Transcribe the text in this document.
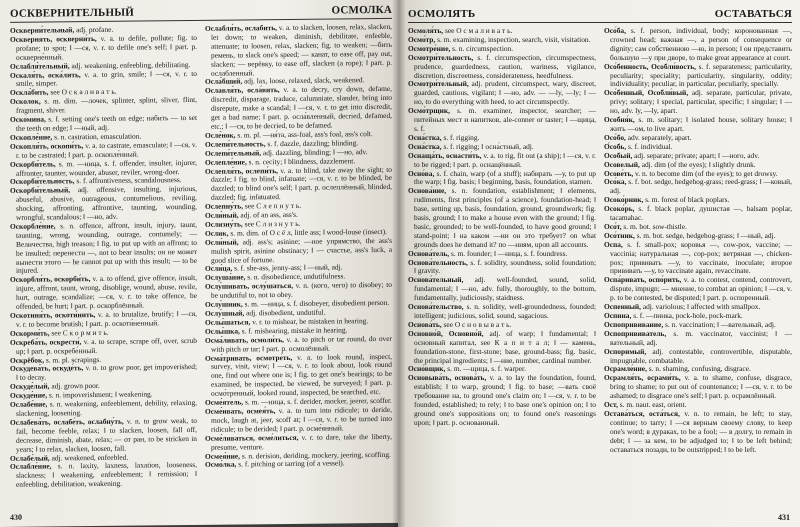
ОСКВЕРНИТЕЛЬНЫЙ	ОСМОЛКА

Оскверни́тельный, adj. profane.

Осквернять, оскверни́ть, v. a. to defile, pollute; fig. to profane; to spot; ‖ —ся, v. r. to defile one's self; ‖ part. p. оскверне́нный.

Ослабля́тельный, adj. weakening, enfeebling, debilitating.

Оскаля́ть, оска́лить, v. a. to grin, smile; ‖ —ся, v. r. to smile, simper.

Оскла́бить, see О с к а л и в а т ь.

Осколок, s. m. dim. —лочек, splinter, splint, sliver, flint, fragment, shiver.

Оскомина, s. f. setting one's teeth on edge; набить — to set the teeth on edge; ‖ —ный, adj.

Оскопле́ние, s. n. castration, emasculation.

Оскопля́ть, оскопи́ть, v. a. to castrate, emasculate; ‖ —ся, v. r. to be castrated; ‖ part. p. оскопле́нный.

Оскорби́тель, s. m. —ница, s. f. offender, insulter, injurer, affronter, taunter, wounder, abuser, reviler, wrong-doer.

Оскорби́тельность, s. f. affrontiveness, scandalousness.

Оскорби́тельный, adj. offensive, insulting, injurious, abuseful, abusive, outrageous, contumelious, reviling, shocking, affronting, affrontive, taunting, wounding, wrongful, scandalous; ‖ —но, adv.

Оскорбле́ние, s. n. offence, affront, insult, injury, taunt, taunting, wrong, wounding, outrage, contumely; — Величества, high treason; ‖ fig. to put up with an affront; to be insulted; перенести —, not to bear insults; он не может вынести этого — he cannot put up with this insult; — to be injured.

Оскорбля́ть, оскорби́ть, v. a. to offend, give offence, insult, injure, affront, taunt, wrong, disoblige, wound, abuse, revile, hurt, outrage, scandalize; —ся, v. r. to take offence, be offended, be hurt; ‖ part. p. оскорблённый.

Оскотиня́ть, оскоти́нить, v. a. to brutalize, brutify; ‖ —ся, v. r. to become brutish; ‖ part. p. оскоти́ненный.

Оскорми́ть, see С к о р м и т ь.

Оскреба́ть, оскрести́, v. a. to scrape, scrape off, over, scrub up; ‖ part. p. оскребе́нный.

Оскрёбок, s. m. pl. scrapings.

Оскудева́ть, оскуде́ть, v. n. to grow poor, get impoverished; ‖ to decay.

Оскуде́лый, adj. grown poor.

Оскуде́ние, s. n. impoverishment; ‖ weakening.

Ослабе́ние, s. n. weakening, enfeeblement, debility, relaxing, slackening, loosening.

Ослабева́ть, ослабе́ть, ослабну́ть, v. n. to grow weak, to fail, become feeble, relax; ‖ to slacken, loosen, fall off, decrease, diminish, abate, relax; — от ран, to be stricken in years; ‖ to relax, slacken, loosen, fall.

Ослабе́лый, adj. weakened, enfeebled.

Ослабле́ние, s. n. laxity, laxness, laxation, looseness, slackness; ‖ weakening, enfeeblement; ‖ remission; ‖ enfeebling, debilitation, weakening.

Ослабля́ть, ослабить, v. a. to slacken, loosen, relax, slacken, let down; to weaken, diminish, debilitate, enfeeble, attenuate; to loosen, relax, slacken; fig. to weaken; —бить ремень, to slack one's speed; — канат, to ease off, pay out, slacken; — верёвку, to ease off, slacken (a rope); ‖ part. p. ослабленный.

Осла́бший, adj. lax, loose, relaxed, slack, weakened.

Ославля́ть, осла́вить, v. a. to decry, cry down, defame, discredit, disparage, traduce, calumniate, slander, bring into disrepute, make a scandal; ‖ —ся, v. r. to get into discredit, get a bad name; ‖ part. p. осла́вленный, decried, defamed, etc.; ‖ —ся, to be decried, to be defamed.

Осле́нок, s. m. pl. —ня́та, ass-foal, ass's foal, ass's colt.

Ослепи́тельность, s. f. dazzle, dazzling; blinding.

Ослепи́тельный, adj. dazzling, blinding; ‖ —но, adv.

Ослепле́ние, s. n. cecity; ‖ blindness, dazzlement.

Ослепля́ть, ослепи́ть, v. a. to blind, take away the sight; to dazzle; ‖ fig. to blind, infatuate; —ся, v. r. to be blinded, be dazzled; to blind one's self; ‖ part. p. ослеплённый, blinded, dazzled; fig. infatuated.

Ослепну́ть, see С л е п н у т ь.

Осли́ный, adj. of an ass, ass's.

Ослизну́ть, see С л и з н у т ь.

Ослик, s. m. dim. of О с ё л, little ass; ‖ wood-louse (insect).

Осли́ный, adj. ass's; asinine; —ное упрямство, the ass's mulish spirit, asinine obstinacy; ‖ — счастье, ass's luck, a good slice of fortune.

Осли́ца, s. f. she-ass, jenny-ass; ‖ —ный, adj.

Ослуша́ние, s. n. disobedience, undutifulness.

Ослу́шивать, ослу́шаться, v. n. (кого, чего) to disobey; to be undutiful to, not to obey.

Ослу́шник, s. m. —ница, s. f. disobeyer, disobedient person.

Ослу́шный, adj. disobedient, undutiful.

Ослы́шаться, v. r. to mishear, be mistaken in hearing.

Ослы́шка, s. f. mishearing, mistake in hearing.

Осма́ливать, осмоли́ть, v. a. to pitch or tar round, do over with pitch or tar; ‖ part. p. осмолённый.

Осма́тривать, осмотре́ть, v. a. to look round, inspect, survey, visit, view; ‖ —ся, v. r. to look about, look round one, find out where one is; ‖ fig. to get one's bearings; to be examined, be inspected, be viewed, be surveyed; ‖ part. p. осмо́тренный, looked round, inspected, be searched, etc.

Осме́ятель, s. m. —ница, s. f. derider, mocker, jeerer, scoffer.

Осме́ивать, осмея́ть, v. a. to turn into ridicule; to deride, mock, laugh at, jeer, scoff at; ‖ —ся, v. r. to be turned into ridicule; to be derided; ‖ part. p. осме́янный.

Осме́ливаться, осме́литься, v. r. to dare, take the liberty, presume, venture.

Осмея́ние, s. n. derision, deriding, mockery, jeering, scoffing.

Осмо́лка, s. f. pitching or tarring (of a vessel).

430
ОСМОЛЯТЬ	ОСТАВАТЬСЯ

Осмоля́ть, see О с м а л и в а т ь.

Осмо́тр, s. m. examining, inspection, search, visit, visitation.

Осмотре́ние, s. n. circumspection.

Осмотри́тельность, s. f. circumspection, circumspectness, prudence, guardedness, caution, wariness, vigilance, discretion, discreetness, considerateness, heedfulness.

Осмотри́тельный, adj. prudent, circumspect, wary, discreet, guarded, cautious, vigilant; ‖ —но, adv. — —ly, —ly; ‖ —но, to do everything with heed, to act circumspectly.

Осмо́трщик, s. m. examiner, inspector, searcher; — питейных мест и напитков, ale-conner or taster; ‖ —щица, s. f.

Осна́стка, s. f. rigging.

Осна́стка, s. f. rigging; ‖ осна́стный, adj.

Оснаща́ть, оснасти́ть, v. a. to rig, fit out (a ship); ‖ —ся, v. r. to be rigged; ‖ part. p. оснащённый.

Осно́ва, s. f. chain, warp (of a stuff); набирать —у, to put up the warp; ‖ fig. basis; ‖ beginning, basis, foundation, stamen.

Основа́ние, s. n. foundation, establishment; ‖ elements, rudiments, first principles (of a science), foundation-head; ‖ base, setting up, basis, foundation, ground, groundwork; fig. basis, ground; ‖ to make a house even with the ground; ‖ fig. basic, grounded; to be well-founded, to have good ground; ‖ stand-point; ‖ на каком —ии он это требует? on what grounds does he demand it? по —ниям, upon all accounts.

Основа́тель, s. m. founder; ‖ —ница, s. f. foundress.

Основа́тельность, s. f. solidity, soundness, solid foundation; ‖ gravity.

Основа́тельный, adj. well-founded, sound, solid, fundamental; ‖ —но, adv. fully, thoroughly, to the bottom, fundamentally, judiciously, staidness.

Основа́тельство, s. n. solidity, well-groundedness, founded; intelligent; judicious, solid, sound, sagacious.

Основа́ть, see О с н о в ы в а т ь.

Основно́й, Основно́й, adj. of warp; ‖ fundamental; ‖ основный капитал, see К а п и т а л; ‖ — камень, foundation-stone, first-stone; base, ground-bass; fig. basic, the principal ingredients; ‖ —ние, number, cardinal number.

Осно́вщик, s. m. —щица, s. f. warper.

Основыва́ть, основа́ть, v. a. to lay the foundation, found, establish; ‖ to warp, ground; ‖ fig. to base; —вать своё требование на, to ground one's claim on; ‖ —ся, v. r. to be founded, established; to rely; ‖ to base one's opinion on; ‖ to ground one's suppositions on; to found one's reasonings upon; ‖ part. p. основанный.

Осо́ба, s. f. person, individual, body; коронованная —, crowned head; важная —, a person of consequence or dignity; сам собственною —ю, in person; ‖ он представить большую —у при дворе, to make great appearance at court.

Осо́бенность, Особли́вость, s. f. separateness; particularity, peculiarity; speciality; particularity, singularity, oddity; individuality; peculiar, in particular, peculiarly, specially.

Осо́бенный, Особли́вый, adj. separate, particular, private, privy; solitary; ‖ special, particular, specific; ‖ singular; ‖ —но, adv. ly, —ly, apart.

Особня́к, s. m. solitary; ‖ isolated house, solitary house; ‖ жить —ом, to live apart.

Осо́бо, adv. separately, apart.

О́собь, s. f. individual.

Особый, adj. separate; private; apart; ‖ —ного, adv.

Осовелый, adj. dim (of the eyes); ‖ slightly drunk.

Осове́ть, v. n. to become dim (of the eyes); to get drowsy.

Осо́ка, s. f. bot. sedge, hedgehog-grass; reed-grass; ‖ —ковый, adj.

Осоко́рник, s. m. forest of black poplars.

Осоко́рь, s. f. black poplar, душистая —, balsam poplar, tacamahac.

Осо́т, s. m. bot. sow-thistle.

Осо́тник, s. m. bot. sedge, hedgehog-grass; ‖ —ный, adj.

Оспа, s. f. small-pox; коровья —, cow-pox, vaccine; — vaccinia; натуральная —, сор-pox; ветряная —, chicken-pox; прививать —у, to vaccinate, inoculate; второе прививать —у, to vaccinate again, revaccinate.

Оспа́ривать, оспо́рить, v. a. to contest, contend, controvert, dispute, impugn; — мнение, to combat an opinion; ‖ —ся, v. p. to be contested, be disputed; ‖ part. p. оспоренный.

Оспенный, adj. variolous; ‖ affected with smallpox.

Оспина, s. f. —пинка, pock-hole, pock-mark.

Оспопрививание, s. n. vaccination; ‖ —вательный, adj.

Оспопрививатель, s. m. vaccinator, vaccinist; ‖ —вательный, adj.

Оспоримый, adj. contestable, controvertible, disputable, impugnable, combatable.

Осрамле́ние, s. n. shaming, confusing, disgrace.

Осрамля́ть, осрами́ть, v. a. to shame, confuse, disgrace, bring to shame; to put out of countenance; ‖ —ся, v. r. to be ashamed; to disgrace one's self; ‖ part. p. осрамлённый.

Ост, s. m. naut. east, orient.

Остава́ться, оста́ться, v. n. to remain, be left; to stay, continue; to tarry; ‖ —ся верным своему слову, to keep one's word; в дураках, to be a fool; — в долгу, to remain in debt; ‖ — за кем, to be adjudged to; ‖ to be left behind; оставаться позади, to be outstripped; ‖ to be left.

431
